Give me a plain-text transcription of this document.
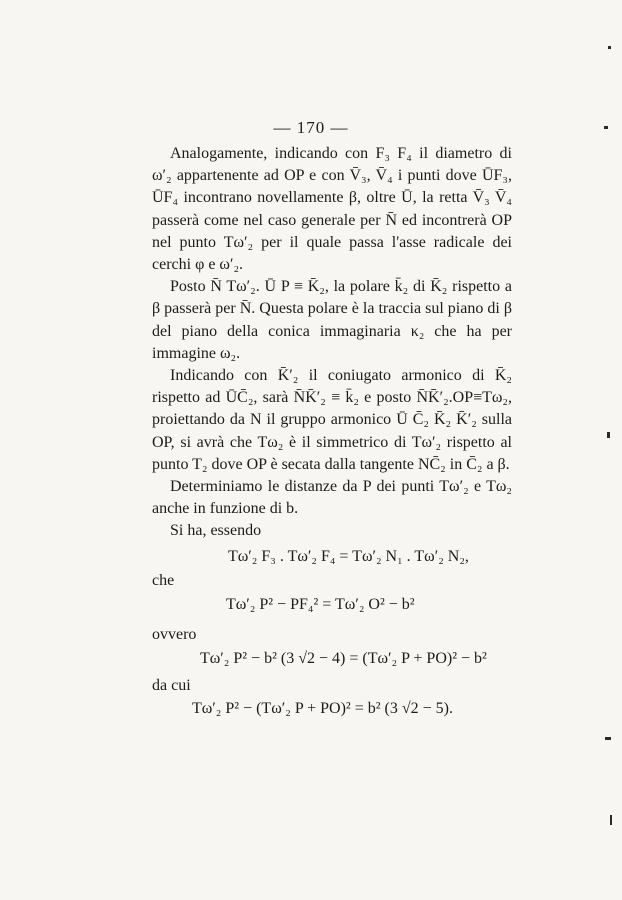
— 170 —

Analogamente, indicando con F₃ F₄ il diametro di ω′₂ appartenente ad OP e con V̄₃, V̄₄ i punti dove ŪF₃, ŪF₄ incontrano novellamente β, oltre Ū, la retta V̄₃ V̄₄ passerà come nel caso generale per N̄ ed incontrerà OP nel punto Tω′₂ per il quale passa l'asse radicale dei cerchi φ e ω′₂.

Posto N̄ Tω′₂. Ū P ≡ K̄₂, la polare k̄₂ di K̄₂ rispetto a β passerà per N̄. Questa polare è la traccia sul piano di β del piano della conica immaginaria κ₂ che ha per immagine ω₂.

Indicando con K̄′₂ il coniugato armonico di K̄₂ rispetto ad ŪC̄₂, sarà N̄K̄′₂ ≡ k̄₂ e posto N̄K̄′₂.OP≡Tω₂, proiettando da N il gruppo armonico Ū C̄₂ K̄₂ K̄′₂ sulla OP, si avrà che Tω₂ è il simmetrico di Tω′₂ rispetto al punto T₂ dove OP è secata dalla tangente NC̄₂ in C̄₂ a β.

Determiniamo le distanze da P dei punti Tω′₂ e Tω₂ anche in funzione di b.

Si ha, essendo

Tω′₂ F₃ . Tω′₂ F₄ = Tω′₂ N₁ . Tω′₂ N₂,
che
Tω′₂ P² − PF₄² = Tω′₂ O² − b²
ovvero
Tω′₂ P² − b² (3 √2 − 4) = (Tω′₂ P + PO)² − b²
da cui
Tω′₂ P² − (Tω′₂ P + PO)² = b² (3 √2 − 5).
